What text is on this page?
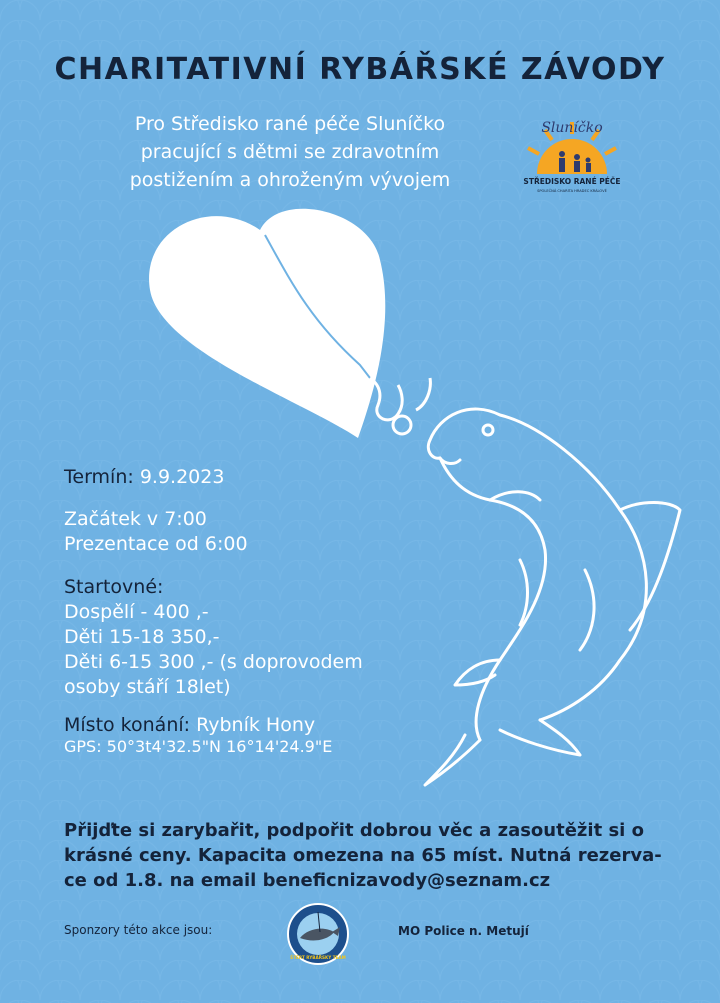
CHARITATIVNÍ RYBÁŘSKÉ ZÁVODY
Pro Středisko rané péče Sluníčko
pracující s dětmi se zdravotním
postižením a ohroženým vývojem
Sluníčko
STŘEDISKO RANÉ PÉČE
SPOLEČNÁ CHARITA HRADEC KRÁLOVÉ
Termín: 9.9.2023
Začátek v 7:00
Prezentace od 6:00
Startovné:
Dospělí - 400 ,-
Děti 15-18 350,-
Děti 6-15 300 ,- (s doprovodem
osoby stáří 18let)
Místo konání: Rybník Hony
GPS: 50°3t4'32.5"N 16°14'24.9"E
Přijďte si zarybařit, podpořit dobrou věc a zasoutěžit si o
krásné ceny. Kapacita omezena na 65 míst. Nutná rezerva-
ce od 1.8. na email beneficnizavody@seznam.cz
Sponzory této akce jsou:
ŠTÉRT RYBÁŘSKÝ TEAM
MO Police n. Metují
